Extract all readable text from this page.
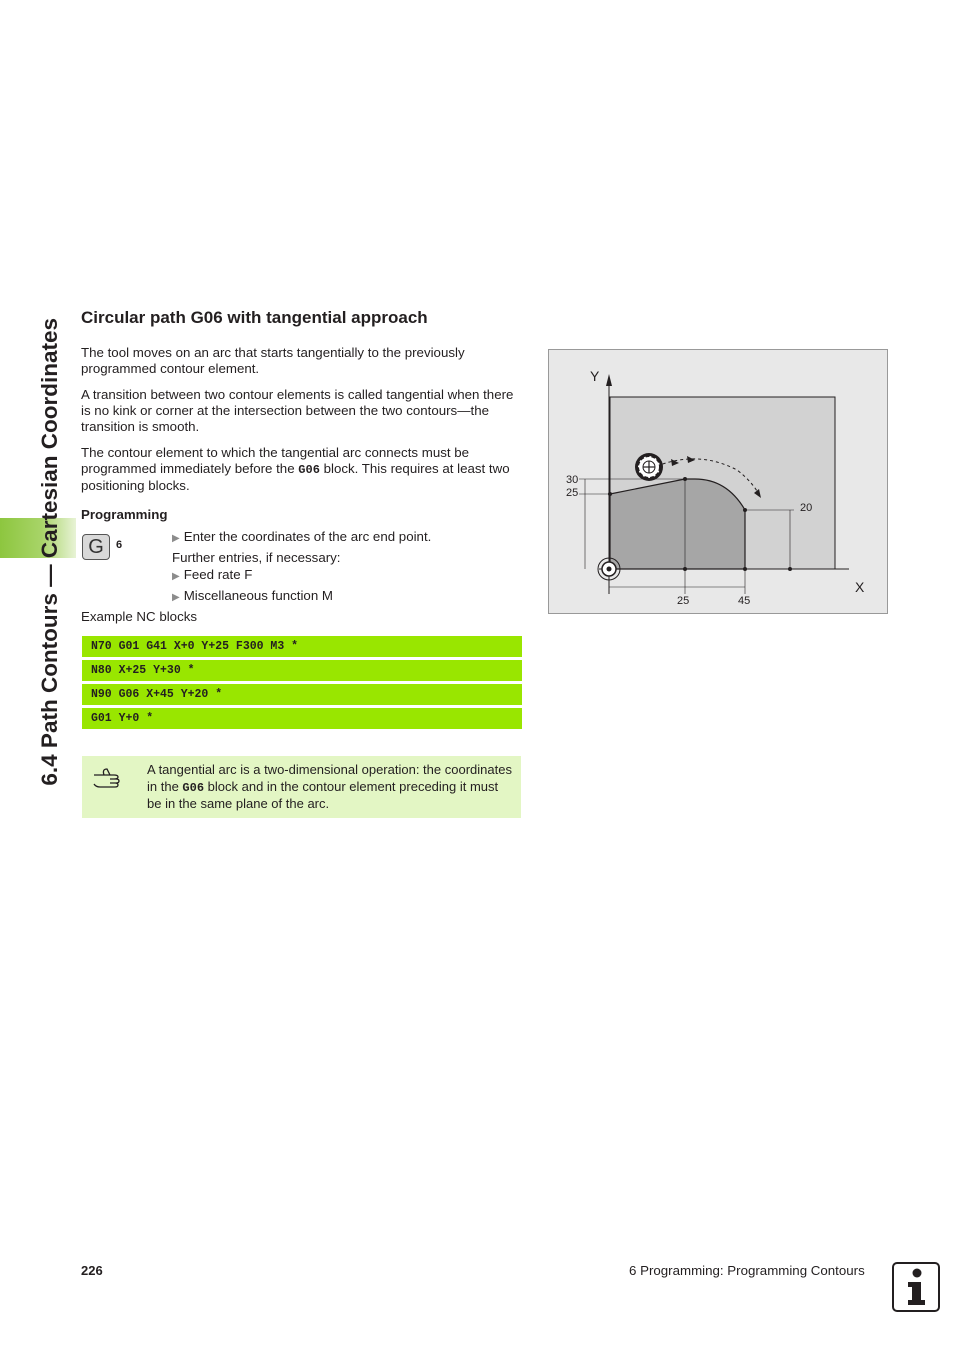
6.4 Path Contours — Cartesian Coordinates
Circular path G06 with tangential approach

The tool moves on an arc that starts tangentially to the previously programmed contour element.

A transition between two contour elements is called tangential when there is no kink or corner at the intersection between the two contours—the transition is smooth.

The contour element to which the tangential arc connects must be programmed immediately before the G06 block. This requires at least two positioning blocks.

Programming
G	6
▶ Enter the coordinates of the arc end point.
Further entries, if necessary:
▶ Feed rate F
▶ Miscellaneous function M
Example NC blocks
N70 G01 G41 X+0 Y+25 F300 M3 *
N80 X+25 Y+30 *
N90 G06 X+45 Y+20 *
G01 Y+0 *
A tangential arc is a two-dimensional operation: the coordinates in the G06 block and in the contour element preceding it must be in the same plane of the arc.
Y
X
30
25
20
25	45
226	6 Programming: Programming Contours
